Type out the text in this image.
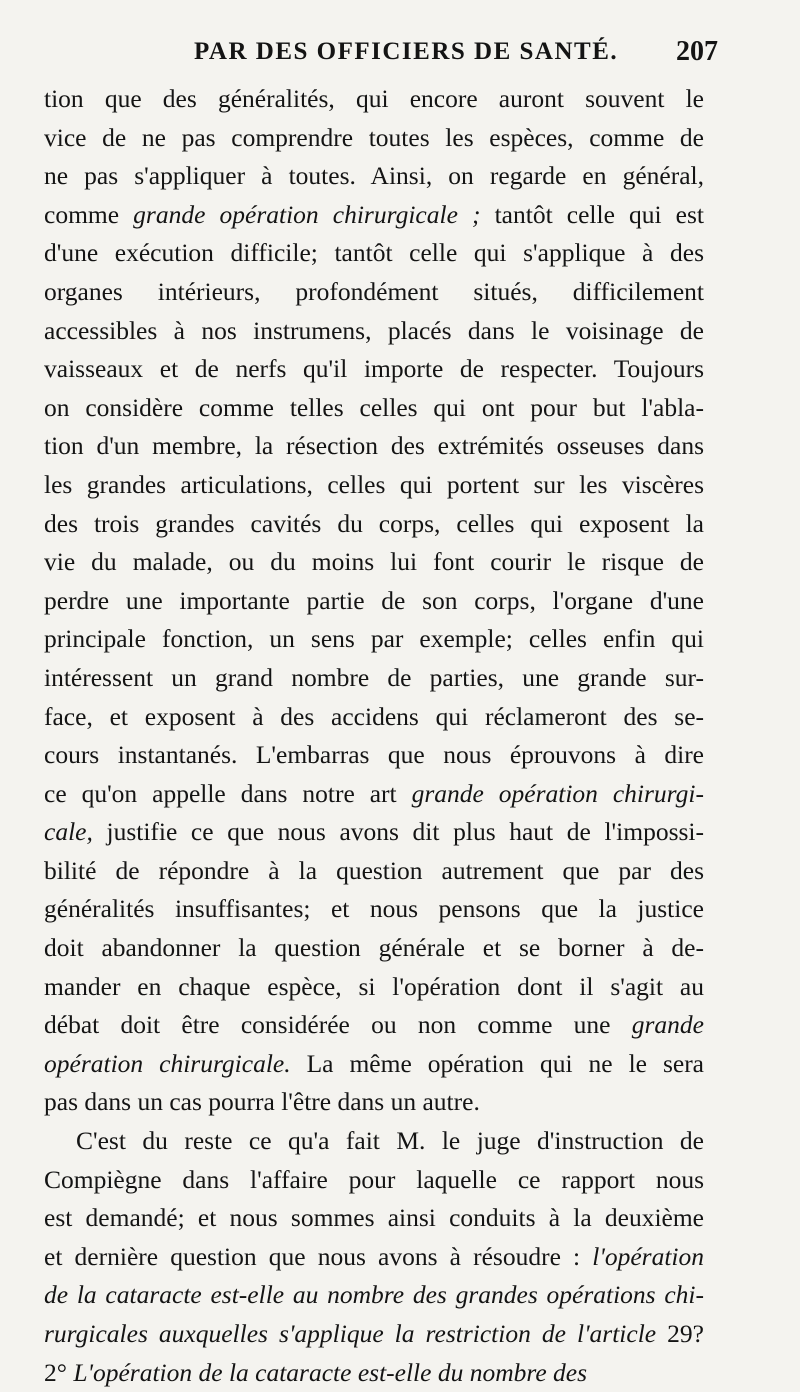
PAR DES OFFICIERS DE SANTÉ. 207
tion que des généralités, qui encore auront souvent le
vice de ne pas comprendre toutes les espèces, comme de
ne pas s'appliquer à toutes. Ainsi, on regarde en général,
comme grande opération chirurgicale ; tantôt celle qui est
d'une exécution difficile; tantôt celle qui s'applique à des
organes intérieurs, profondément situés, difficilement
accessibles à nos instrumens, placés dans le voisinage de
vaisseaux et de nerfs qu'il importe de respecter. Toujours
on considère comme telles celles qui ont pour but l'abla-
tion d'un membre, la résection des extrémités osseuses dans
les grandes articulations, celles qui portent sur les viscères
des trois grandes cavités du corps, celles qui exposent la
vie du malade, ou du moins lui font courir le risque de
perdre une importante partie de son corps, l'organe d'une
principale fonction, un sens par exemple; celles enfin qui
intéressent un grand nombre de parties, une grande sur-
face, et exposent à des accidens qui réclameront des se-
cours instantanés. L'embarras que nous éprouvons à dire
ce qu'on appelle dans notre art grande opération chirurgi-
cale, justifie ce que nous avons dit plus haut de l'impossi-
bilité de répondre à la question autrement que par des
généralités insuffisantes; et nous pensons que la justice
doit abandonner la question générale et se borner à de-
mander en chaque espèce, si l'opération dont il s'agit au
débat doit être considérée ou non comme une grande
opération chirurgicale. La même opération qui ne le sera
pas dans un cas pourra l'être dans un autre.
C'est du reste ce qu'a fait M. le juge d'instruction de
Compiègne dans l'affaire pour laquelle ce rapport nous
est demandé; et nous sommes ainsi conduits à la deuxième
et dernière question que nous avons à résoudre : l'opération
de la cataracte est-elle au nombre des grandes opérations chi-
rurgicales auxquelles s'applique la restriction de l'article 29?
2° L'opération de la cataracte est-elle du nombre des
